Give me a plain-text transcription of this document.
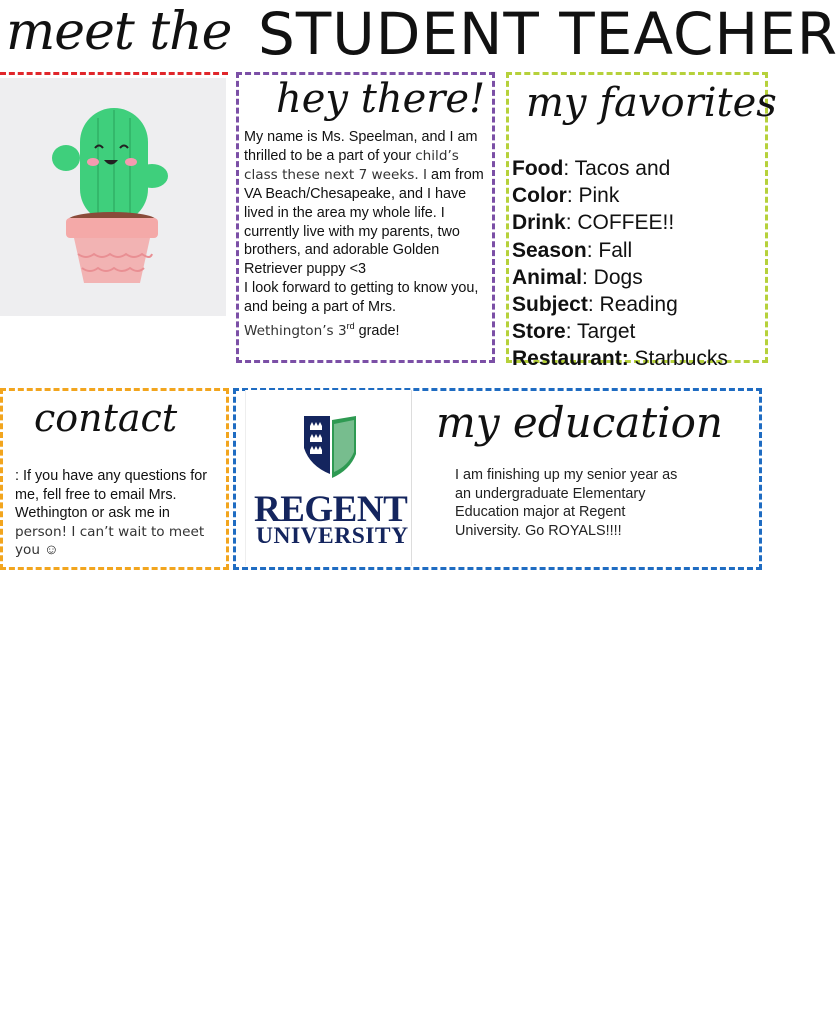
meet the STUDENT TEACHER
hey there!

My name is Ms. Speelman, and I am thrilled to be a part of your child’s class these next 7 weeks. I am from VA Beach/Chesapeake, and I have lived in the area my whole life. I currently live with my parents, two brothers, and adorable Golden Retriever puppy <3

I look forward to getting to know you, and being a part of Mrs. Wethington’s 3rd grade!

my favorites
Food: Tacos and
Color: Pink
Drink: COFFEE!!
Season: Fall
Animal: Dogs
Subject: Reading
Store: Target
Restaurant: Starbucks
contact
: If you have any questions for me, fell free to email Mrs. Wethington or ask me in person! I can’t wait to meet you ☺
REGENT
UNIVERSITY
my education
I am finishing up my senior year as an undergraduate Elementary Education major at Regent University. Go ROYALS!!!!
